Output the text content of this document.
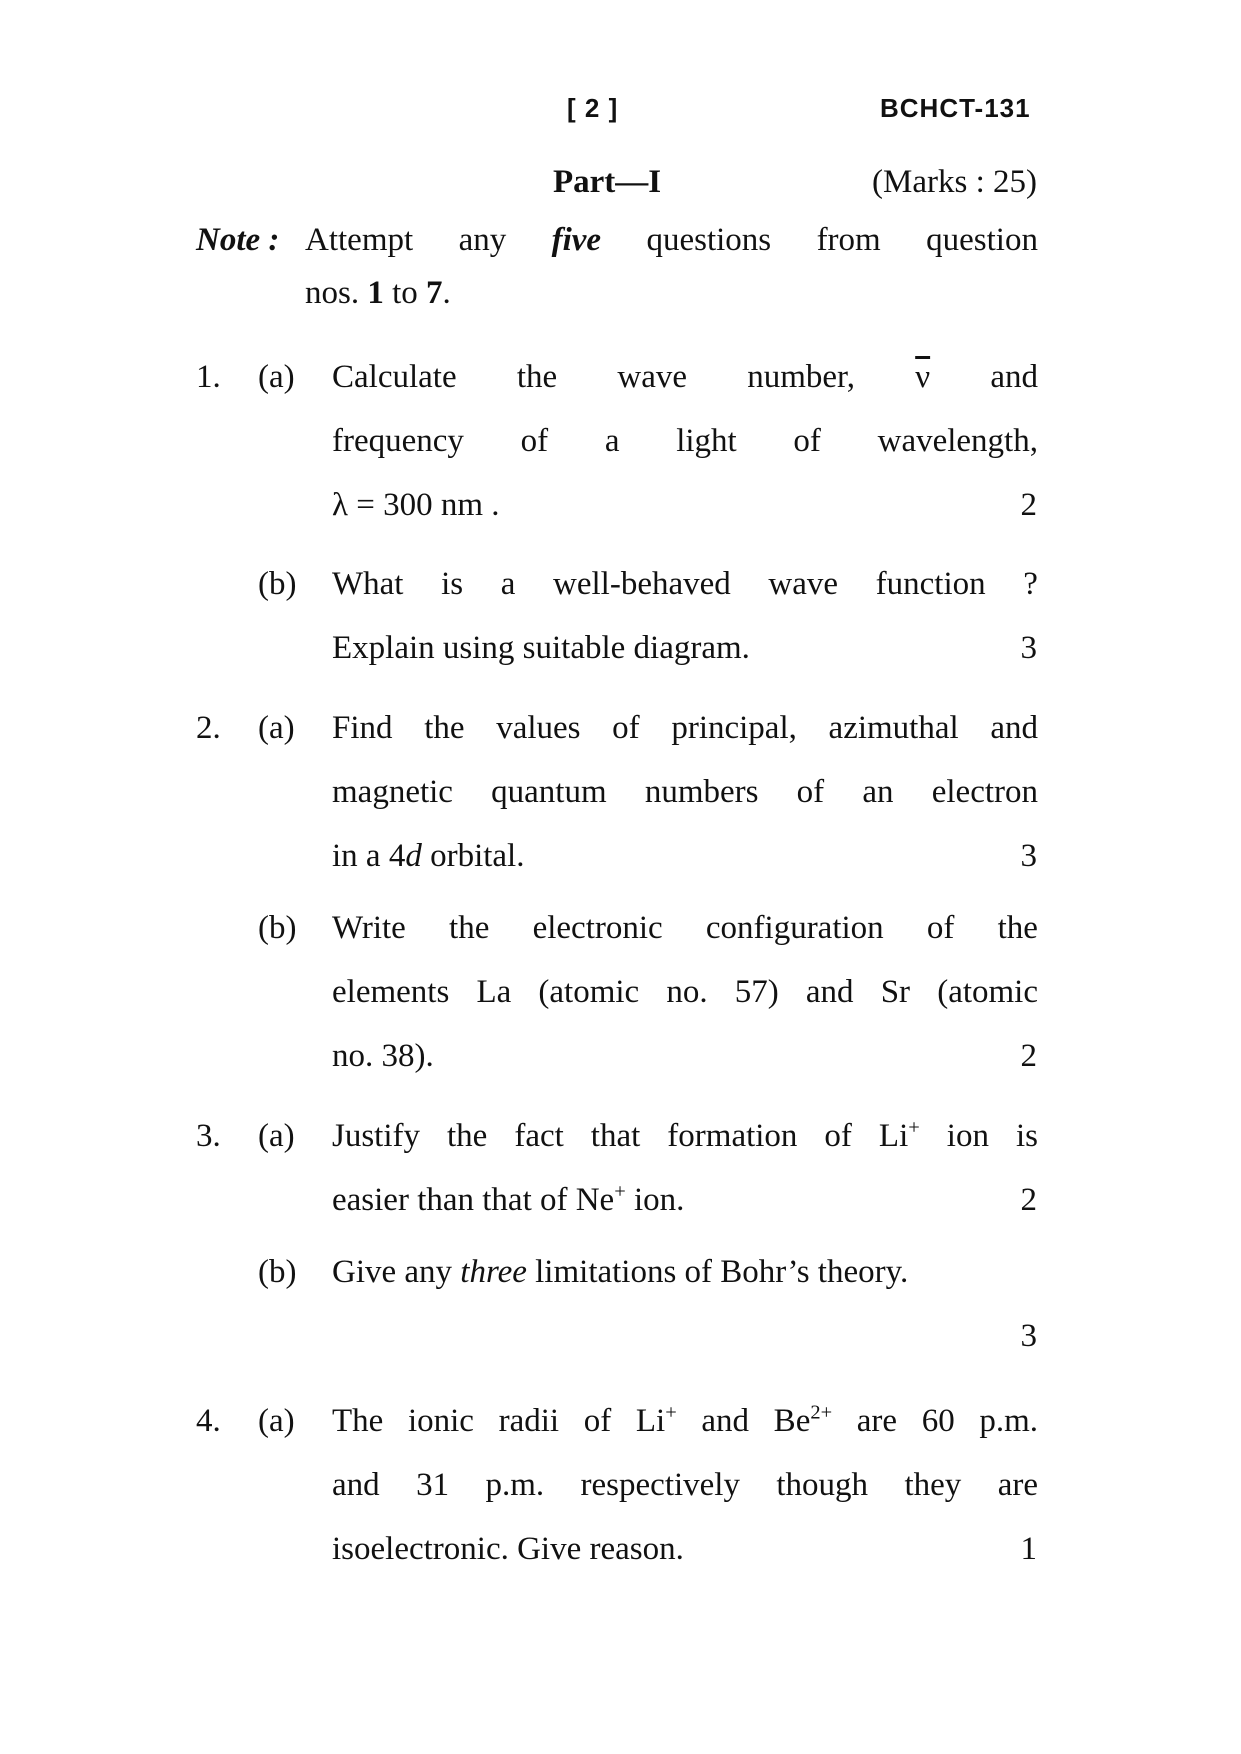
[ 2 ]	BCHCT-131
Part—I	(Marks : 25)
Note : Attempt any five questions from question
nos. 1 to 7.
1. (a) Calculate the wave number, $\overline{\nu}$ and
frequency of a light of wavelength,
λ = 300 nm .	2
(b) What is a well-behaved wave function ?
Explain using suitable diagram.	3
2. (a) Find the values of principal, azimuthal and
magnetic quantum numbers of an electron
in a 4d orbital.	3
(b) Write the electronic configuration of the
elements La (atomic no. 57) and Sr (atomic
no. 38).	2
3. (a) Justify the fact that formation of Li+ ion is
easier than that of Ne+ ion.	2
(b) Give any three limitations of Bohr’s theory.
3
4. (a) The ionic radii of Li+ and $Be^{2+}$ are 60 p.m.
and 31 p.m. respectively though they are
isoelectronic. Give reason.	1
